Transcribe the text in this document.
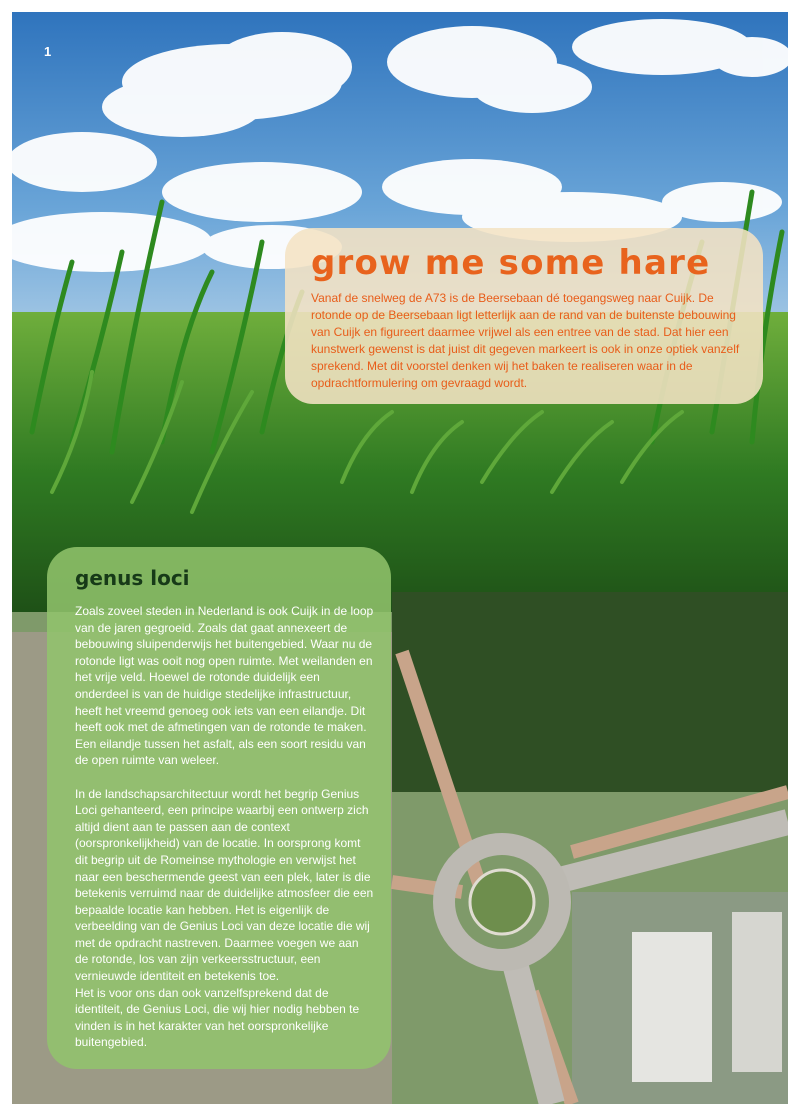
1
grow me some hare

Vanaf de snelweg de A73 is de Beersebaan dé toegangsweg naar Cuijk. De rotonde op de Beersebaan ligt letterlijk aan de rand van de buitenste bebouwing van Cuijk en figureert daarmee vrijwel als een entree van de stad. Dat hier een kunstwerk gewenst is dat juist dit gegeven markeert is ook in onze optiek vanzelf sprekend. Met dit voorstel denken wij het baken te realiseren waar in de opdrachtformulering om gevraagd wordt.

genus loci

Zoals zoveel steden in Nederland is ook Cuijk in de loop van de jaren gegroeid. Zoals dat gaat annexeert de bebouwing sluipenderwijs het buitengebied. Waar nu de rotonde ligt was ooit nog open ruimte. Met weilanden en het vrije veld. Hoewel de rotonde duidelijk een onderdeel is van de huidige stedelijke infrastructuur, heeft het vreemd genoeg ook iets van een eilandje. Dit heeft ook met de afmetingen van de rotonde te maken. Een eilandje tussen het asfalt, als een soort residu van de open ruimte van weleer.

In de landschapsarchitectuur wordt het begrip Genius Loci gehanteerd, een principe waarbij een ontwerp zich altijd dient aan te passen aan de context (oorspronkelijkheid) van de locatie. In oorsprong komt dit begrip uit de Romeinse mythologie en verwijst het naar een beschermende geest van een plek, later is die betekenis verruimd naar de duidelijke atmosfeer die een bepaalde locatie kan hebben. Het is eigenlijk de verbeelding van de Genius Loci van deze locatie die wij met de opdracht nastreven. Daarmee voegen we aan de rotonde, los van zijn verkeersstructuur, een vernieuwde identiteit en betekenis toe.
Het is voor ons dan ook vanzelfsprekend dat de identiteit, de Genius Loci, die wij hier nodig hebben te vinden is in het karakter van het oorspronkelijke buitengebied.
